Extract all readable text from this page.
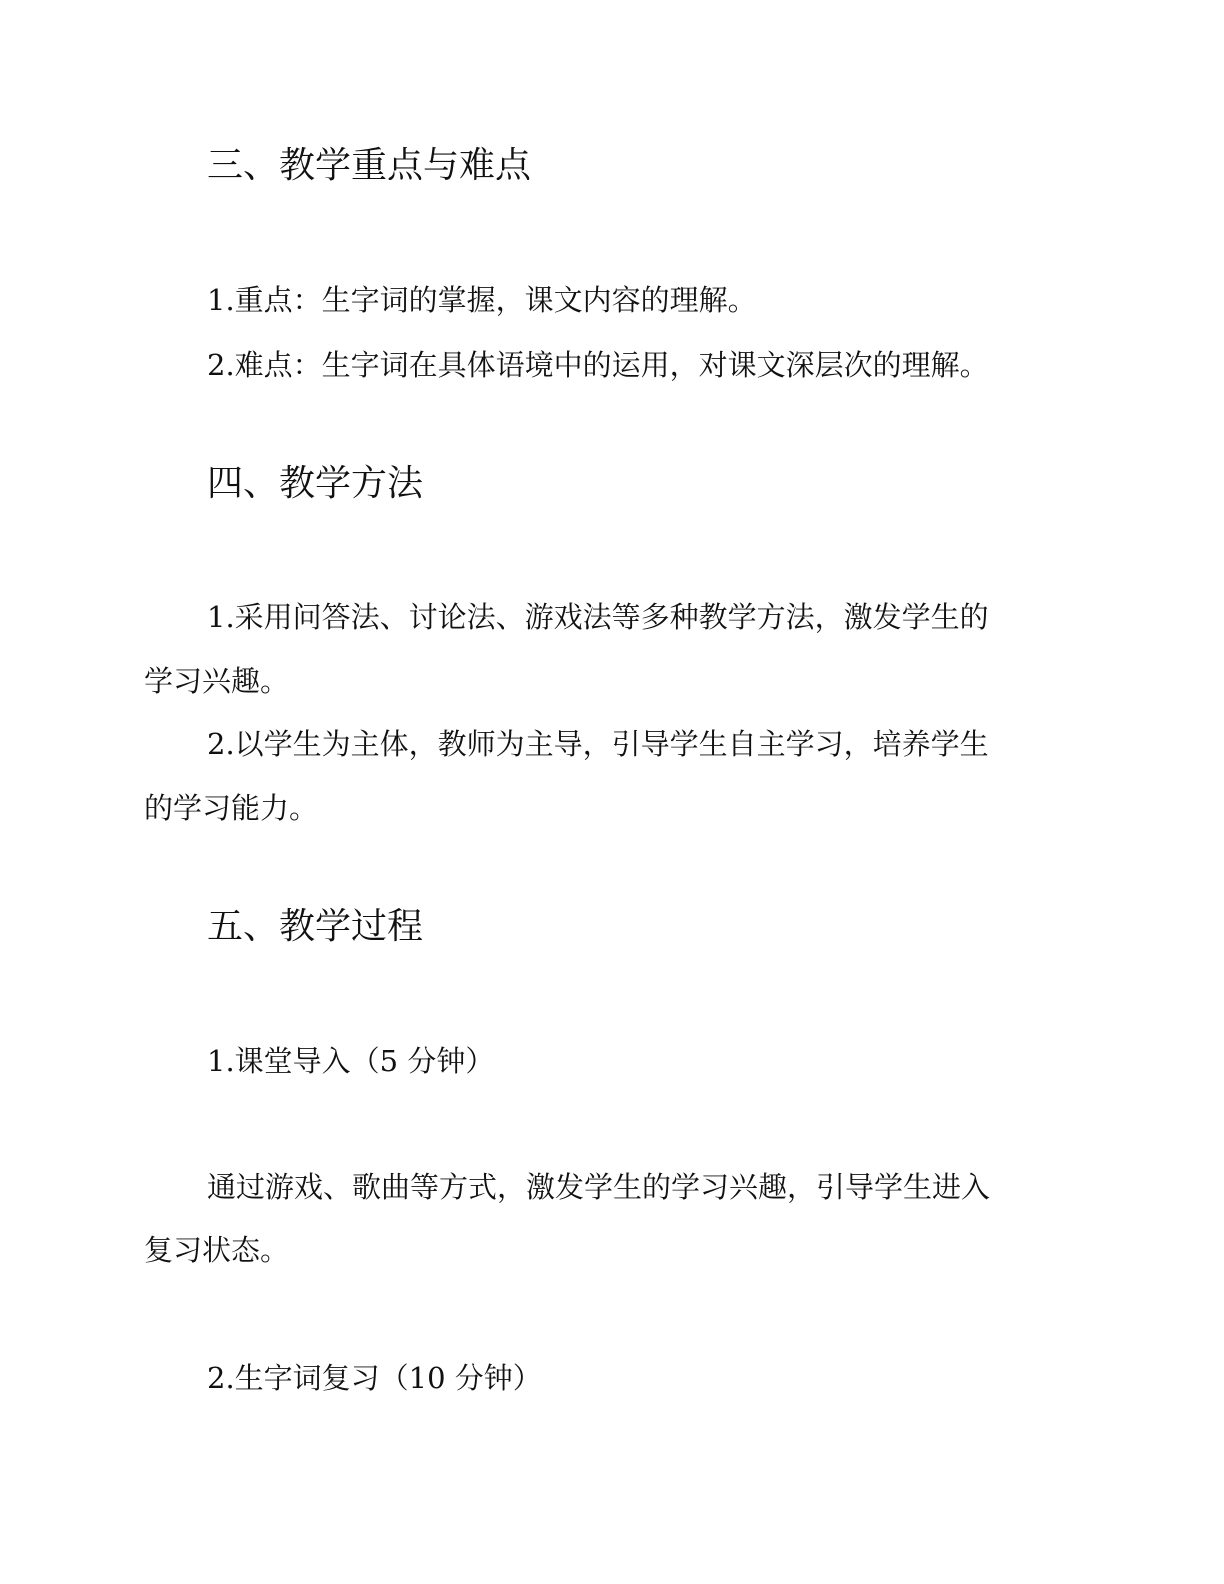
三、教学重点与难点
1.重点：生字词的掌握，课文内容的理解。
2.难点：生字词在具体语境中的运用，对课文深层次的理解。
四、教学方法
1.采用问答法、讨论法、游戏法等多种教学方法，激发学生的
学习兴趣。
2.以学生为主体，教师为主导，引导学生自主学习，培养学生
的学习能力。
五、教学过程
1.课堂导入（5 分钟）
通过游戏、歌曲等方式，激发学生的学习兴趣，引导学生进入
复习状态。
2.生字词复习（10 分钟）
